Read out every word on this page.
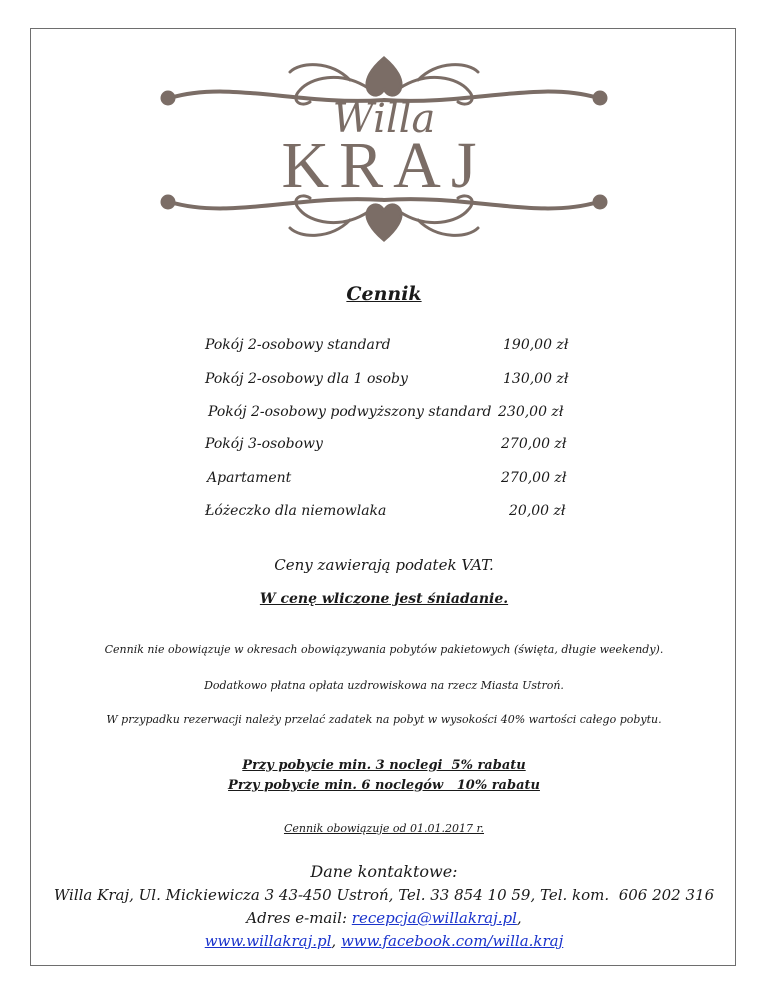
Willa
KRAJ
Cennik
Pokój 2-osobowy standard	190,00 zł
Pokój 2-osobowy dla 1 osoby	130,00 zł
Pokój 2-osobowy podwyższony standard 230,00 zł
Pokój 3-osobowy	270,00 zł
Apartament	270,00 zł
Łóżeczko dla niemowlaka	20,00 zł
Ceny zawierają podatek VAT.
W cenę wliczone jest śniadanie.
Cennik nie obowiązuje w okresach obowiązywania pobytów pakietowych (święta, długie weekendy).
Dodatkowo płatna opłata uzdrowiskowa na rzecz Miasta Ustroń.
W przypadku rezerwacji należy przelać zadatek na pobyt w wysokości 40% wartości całego pobytu.
Przy pobycie min. 3 noclegi  5% rabatu
Przy pobycie min. 6 noclegów   10% rabatu
Cennik obowiązuje od 01.01.2017 r.
Dane kontaktowe:
Willa Kraj, Ul. Mickiewicza 3 43-450 Ustroń, Tel. 33 854 10 59, Tel. kom.  606 202 316
Adres e-mail: recepcja@willakraj.pl,
www.willakraj.pl, www.facebook.com/willa.kraj
